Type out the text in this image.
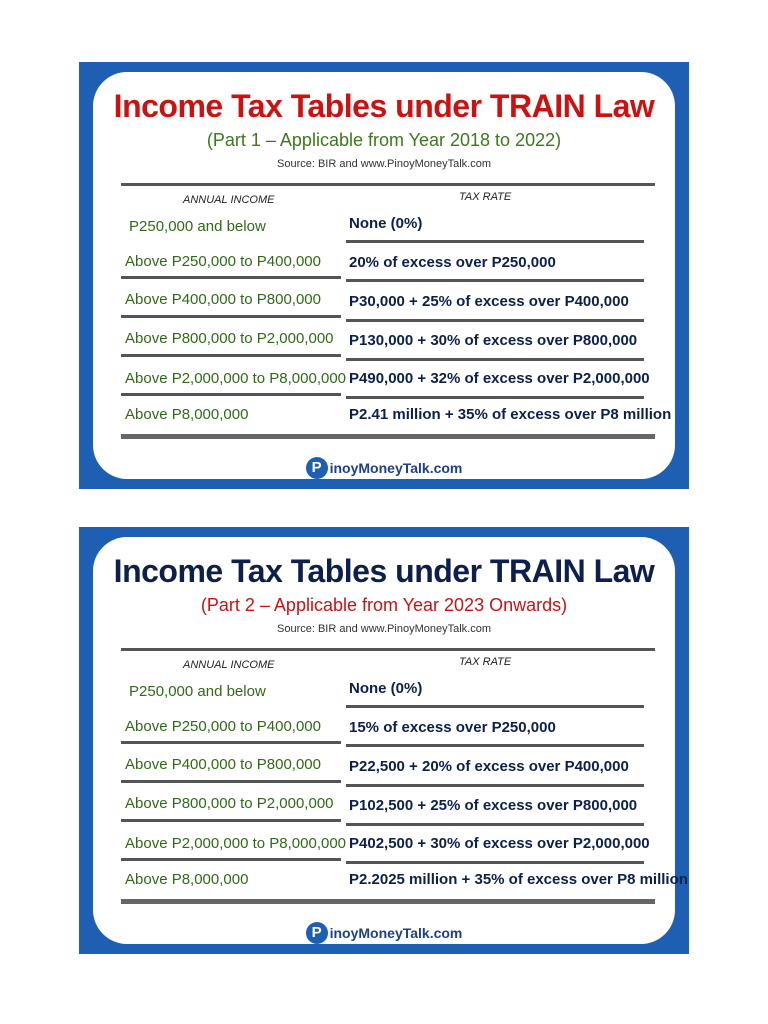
Income Tax Tables under TRAIN Law
(Part 1 – Applicable from Year 2018 to 2022)
Source: BIR and www.PinoyMoneyTalk.com
ANNUAL INCOME	TAX RATE
P250,000 and below	None (0%)
Above P250,000 to P400,000 20% of excess over P250,000
Above P400,000 to P800,000 P30,000 + 25% of excess over P400,000
Above P800,000 to P2,000,000 P130,000 + 30% of excess over P800,000
Above P2,000,000 to P8,000,000 P490,000 + 32% of excess over P2,000,000
Above P8,000,000	P2.41 million + 35% of excess over P8 million
P inoyMoneyTalk.com
Income Tax Tables under TRAIN Law
(Part 2 – Applicable from Year 2023 Onwards)
Source: BIR and www.PinoyMoneyTalk.com
ANNUAL INCOME	TAX RATE
P250,000 and below	None (0%)
Above P250,000 to P400,000 15% of excess over P250,000
Above P400,000 to P800,000 P22,500 + 20% of excess over P400,000
Above P800,000 to P2,000,000 P102,500 + 25% of excess over P800,000
Above P2,000,000 to P8,000,000 P402,500 + 30% of excess over P2,000,000
Above P8,000,000	P2.2025 million + 35% of excess over P8 million
P inoyMoneyTalk.com
